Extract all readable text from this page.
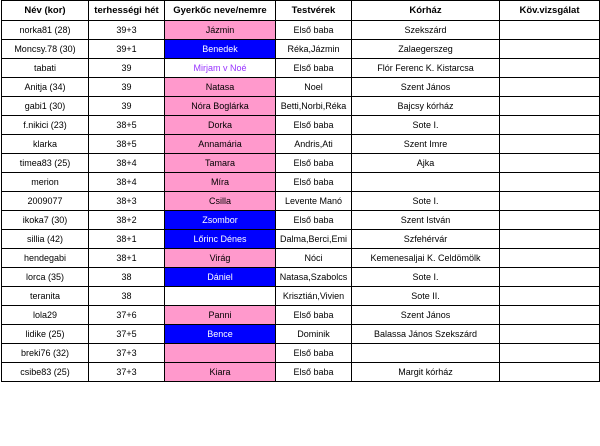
Név (kor)	terhességi hét	Gyerkőc neve/nemre	Testvérek	Kórház	Köv.vizsgálat
norka81 (28)	39+3	Jázmin	Első baba	Szekszárd	
Moncsy.78 (30)	39+1	Benedek	Réka,Jázmin	Zalaegerszeg	
tabati	39	Mirjam v Noé	Első baba	Flór Ferenc K. Kistarcsa	
Anitja (34)	39	Natasa	Noel	Szent János	
gabi1 (30)	39	Nóra Boglárka	Betti,Norbi,Réka	Bajcsy kórház	
f.nikici (23)	38+5	Dorka	Első baba	Sote I.	
klarka	38+5	Annamária	Andris,Ati	Szent Imre	
timea83 (25)	38+4	Tamara	Első baba	Ajka	
merion	38+4	Míra	Első baba		
2009077	38+3	Csilla	Levente Manó	Sote I.	
ikoka7 (30)	38+2	Zsombor	Első baba	Szent István	
sillia (42)	38+1	Lőrinc Dénes	Dalma,Berci,Emi	Szfehérvár	
hendegabi	38+1	Virág	Nóci	Kemenesaljai K. Celdömölk	
lorca (35)	38	Dániel	Natasa,Szabolcs	Sote I.	
teranita	38		Krisztián,Vivien	Sote II.	
lola29	37+6	Panni	Első baba	Szent János	
lidike (25)	37+5	Bence	Dominik	Balassa János Szekszárd	
breki76 (32)	37+3		Első baba		
csibe83 (25)	37+3	Kiara	Első baba	Margit kórház	
